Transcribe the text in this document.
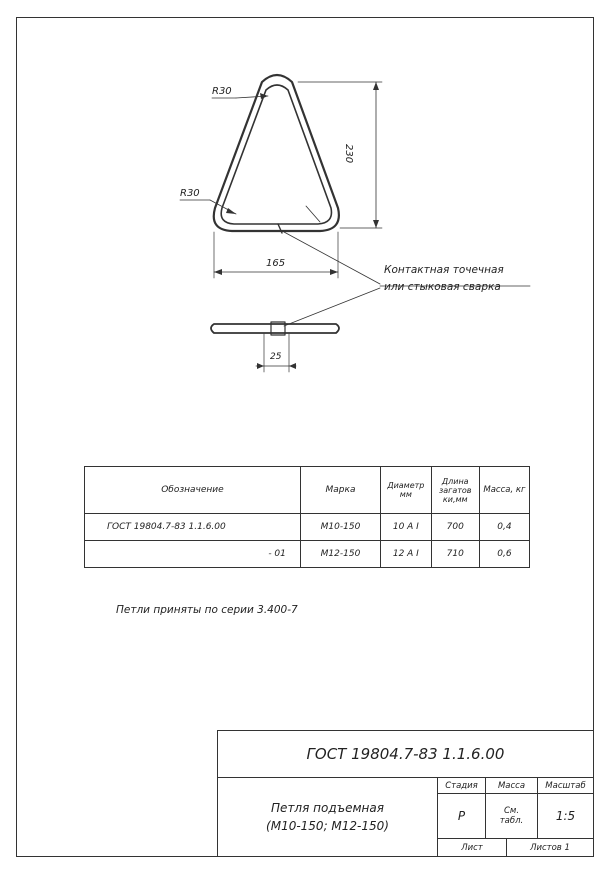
R30
R30
230
165
25
Контактная точечная
или стыковая сварка
Обозначение	Марка	Диаметр мм	Длина загатов ки,мм	Масса, кг
ГОСТ 19804.7-83 1.1.6.00	М10-150	10 А I	700	0,4
- 01	М12-150	12 А I	710	0,6
Петли приняты по серии 3.400-7
ГОСТ 19804.7-83 1.1.6.00
Петля подъемная
(М10-150; М12-150)
Стадия	Масса	Масштаб
Р	См. табл.	1:5
Лист	Листов 1
